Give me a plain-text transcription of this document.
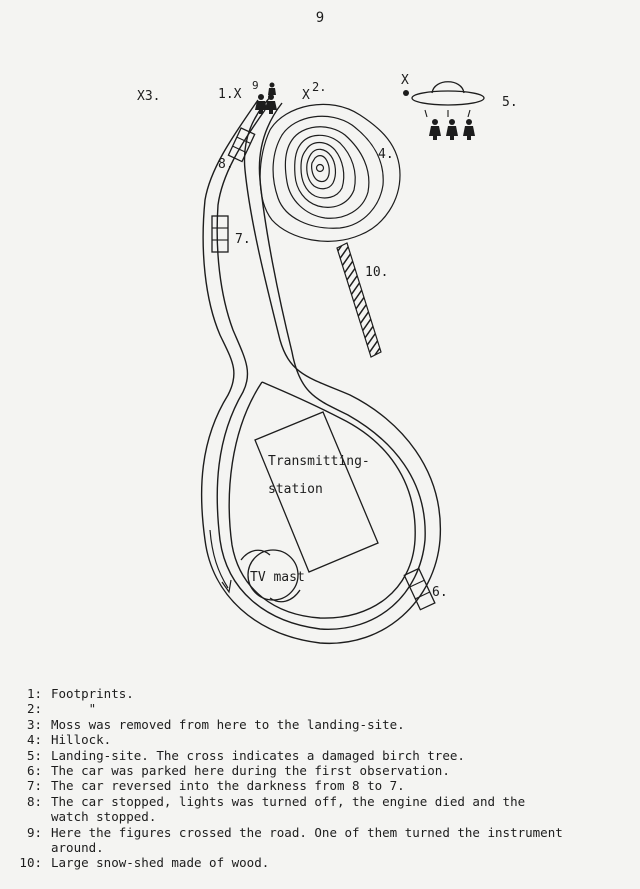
9
X3.	1.X
9
X
2.	X
5.
4.
8.
7.
10.
6.
Transmitting-
station
TV mast
1: Footprints.
2: "
3: Moss was removed from here to the landing-site.
4: Hillock.
5: Landing-site. The cross indicates a damaged birch tree.
6: The car was parked here during the first observation.
7: The car reversed into the darkness from 8 to 7.
8: The car stopped, lights was turned off, the engine died and the
watch stopped.
9: Here the figures crossed the road. One of them turned the instrument
around.
10: Large snow-shed made of wood.
